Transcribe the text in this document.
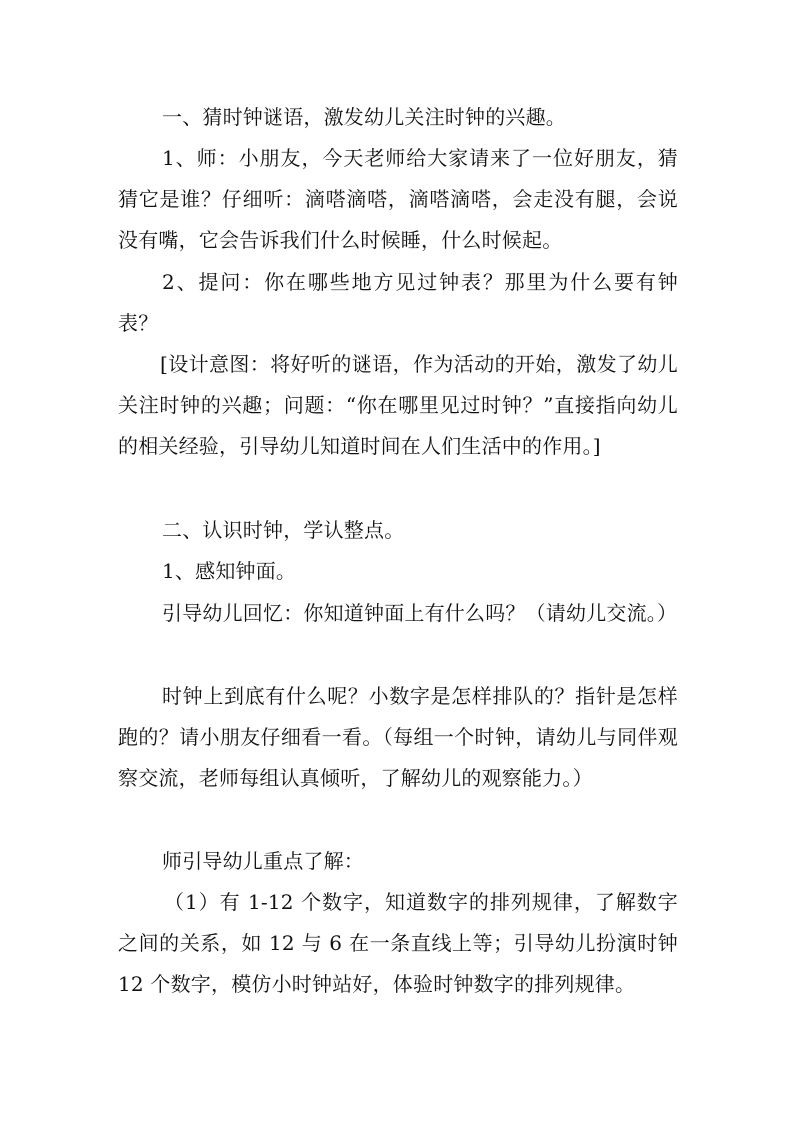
一、猜时钟谜语，激发幼儿关注时钟的兴趣。

1、师：小朋友，今天老师给大家请来了一位好朋友，猜猜它是谁？仔细听：滴嗒滴嗒，滴嗒滴嗒，会走没有腿，会说没有嘴，它会告诉我们什么时候睡，什么时候起。

2、提问：你在哪些地方见过钟表？那里为什么要有钟表？

[设计意图：将好听的谜语，作为活动的开始，激发了幼儿关注时钟的兴趣；问题：“你在哪里见过时钟？”直接指向幼儿的相关经验，引导幼儿知道时间在人们生活中的作用。]

二、认识时钟，学认整点。

1、感知钟面。

引导幼儿回忆：你知道钟面上有什么吗？（请幼儿交流。）

时钟上到底有什么呢？小数字是怎样排队的？指针是怎样跑的？请小朋友仔细看一看。（每组一个时钟，请幼儿与同伴观察交流，老师每组认真倾听，了解幼儿的观察能力。）

师引导幼儿重点了解：

（1）有 1-12 个数字，知道数字的排列规律，了解数字之间的关系，如 12 与 6 在一条直线上等；引导幼儿扮演时钟 12 个数字，模仿小时钟站好，体验时钟数字的排列规律。
